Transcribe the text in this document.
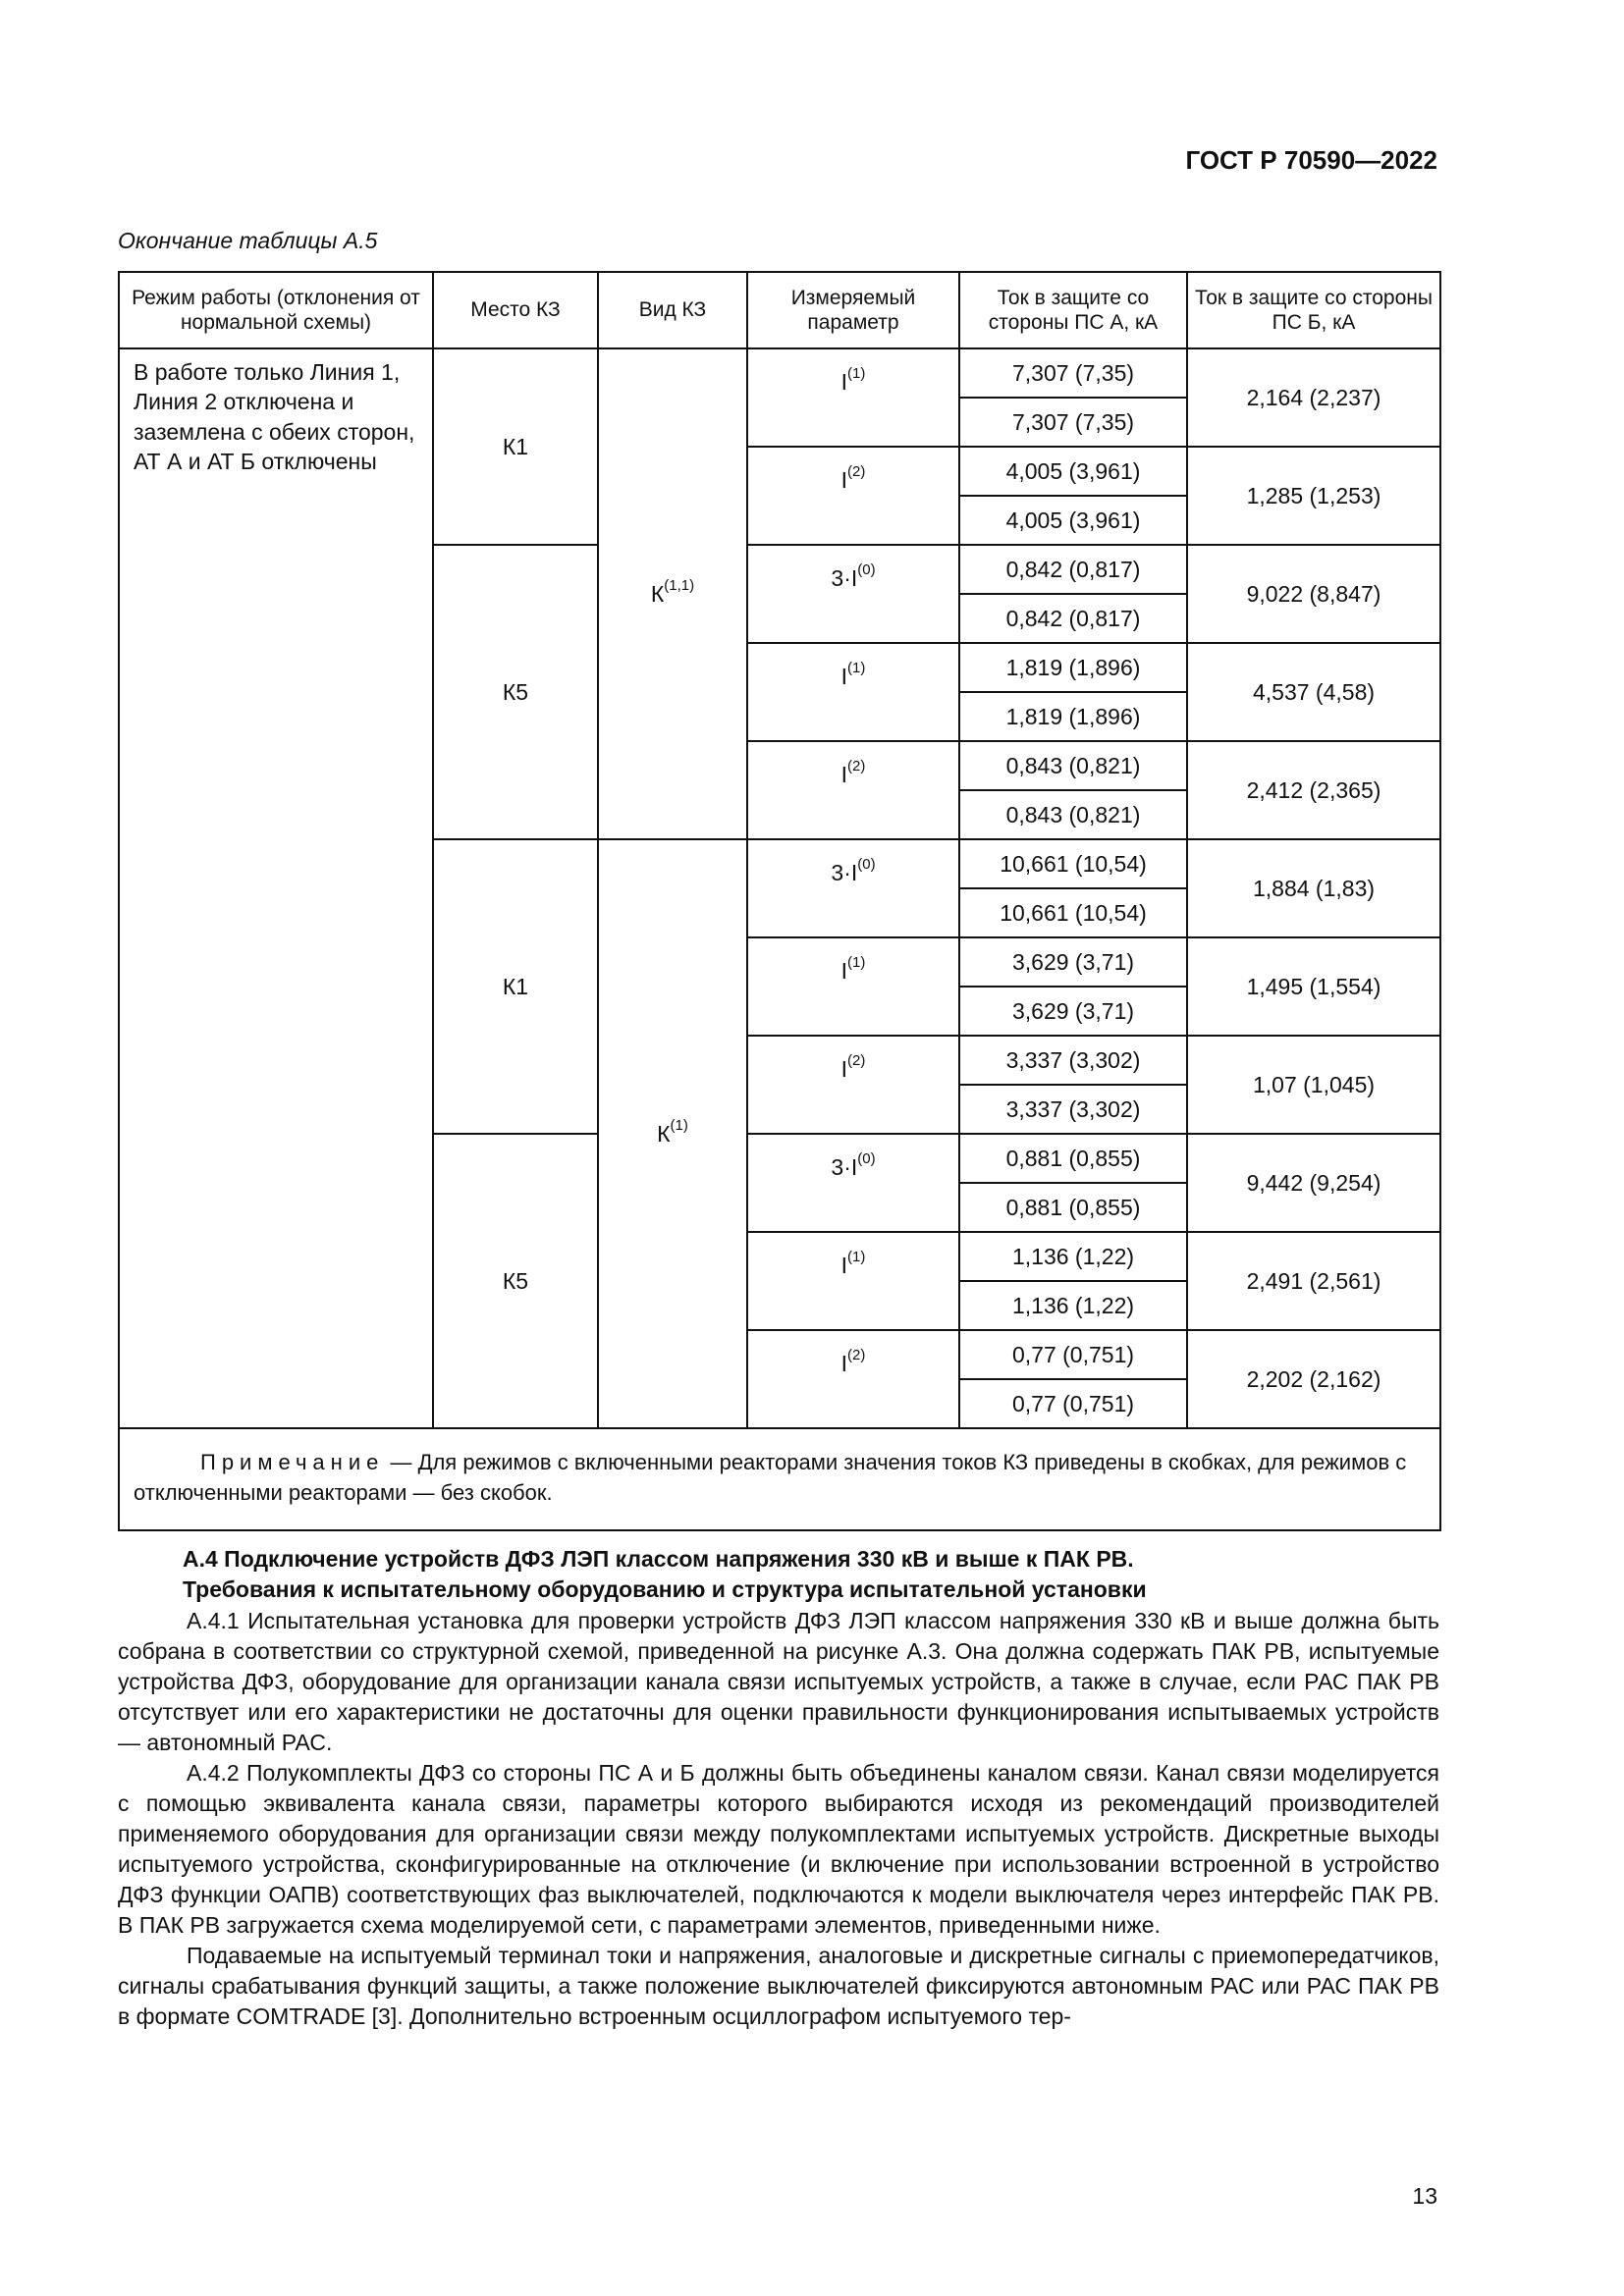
ГОСТ Р 70590—2022
Окончание таблицы А.5
Режим работы (отклонения от нормальной схемы)	Место КЗ	Вид КЗ	Измеряемый параметр	Ток в защите со стороны ПС А, кА	Ток в защите со стороны ПС Б, кА
В работе только Линия 1, Линия 2 отключена и заземлена с обеих сторон, АТ А и АТ Б отключены	К1	К$^{(1,1)}$	$I^{(1)}$	7,307 (7,35)	2,164 (2,237)
				7,307 (7,35)	
			$I^{(2)}$	4,005 (3,961)	1,285 (1,253)
				4,005 (3,961)	
	К5		$3\cdot I^{(0)}$	0,842 (0,817)	9,022 (8,847)
				0,842 (0,817)	
			$I^{(1)}$	1,819 (1,896)	4,537 (4,58)
				1,819 (1,896)	
			$I^{(2)}$	0,843 (0,821)	2,412 (2,365)
				0,843 (0,821)	
	К1	$К^{(1)}$	$3\cdot I^{(0)}$	10,661 (10,54)	1,884 (1,83)
				10,661 (10,54)	
			$I^{(1)}$	3,629 (3,71)	1,495 (1,554)
				3,629 (3,71)	
			$I^{(2)}$	3,337 (3,302)	1,07 (1,045)
				3,337 (3,302)	
	К5		$3\cdot I^{(0)}$	0,881 (0,855)	9,442 (9,254)
				0,881 (0,855)	
			$I^{(1)}$	1,136 (1,22)	2,491 (2,561)
				1,136 (1,22)	
			$I^{(2)}$	0,77 (0,751)	2,202 (2,162)
				0,77 (0,751)	
Примечание — Для режимов с включенными реакторами значения токов КЗ приведены в скобках, для режимов с отключенными реакторами — без скобок.					
А.4 Подключение устройств ДФЗ ЛЭП классом напряжения 330 кВ и выше к ПАК РВ.
Требования к испытательному оборудованию и структура испытательной установки

А.4.1 Испытательная установка для проверки устройств ДФЗ ЛЭП классом напряжения 330 кВ и выше должна быть собрана в соответствии со структурной схемой, приведенной на рисунке А.3. Она должна содержать ПАК РВ, испытуемые устройства ДФЗ, оборудование для организации канала связи испытуемых устройств, а также в случае, если РАС ПАК РВ отсутствует или его характеристики не достаточны для оценки правильности функционирования испытываемых устройств — автономный РАС.

А.4.2 Полукомплекты ДФЗ со стороны ПС А и Б должны быть объединены каналом связи. Канал связи моделируется с помощью эквивалента канала связи, параметры которого выбираются исходя из рекомендаций производителей применяемого оборудования для организации связи между полукомплектами испытуемых устройств. Дискретные выходы испытуемого устройства, сконфигурированные на отключение (и включение при использовании встроенной в устройство ДФЗ функции ОАПВ) соответствующих фаз выключателей, подключаются к модели выключателя через интерфейс ПАК РВ. В ПАК РВ загружается схема моделируемой сети, с параметрами элементов, приведенными ниже.

Подаваемые на испытуемый терминал токи и напряжения, аналоговые и дискретные сигналы с приемопередатчиков, сигналы срабатывания функций защиты, а также положение выключателей фиксируются автономным РАС или РАС ПАК РВ в формате COMTRADE [3]. Дополнительно встроенным осциллографом испытуемого тер-

13
